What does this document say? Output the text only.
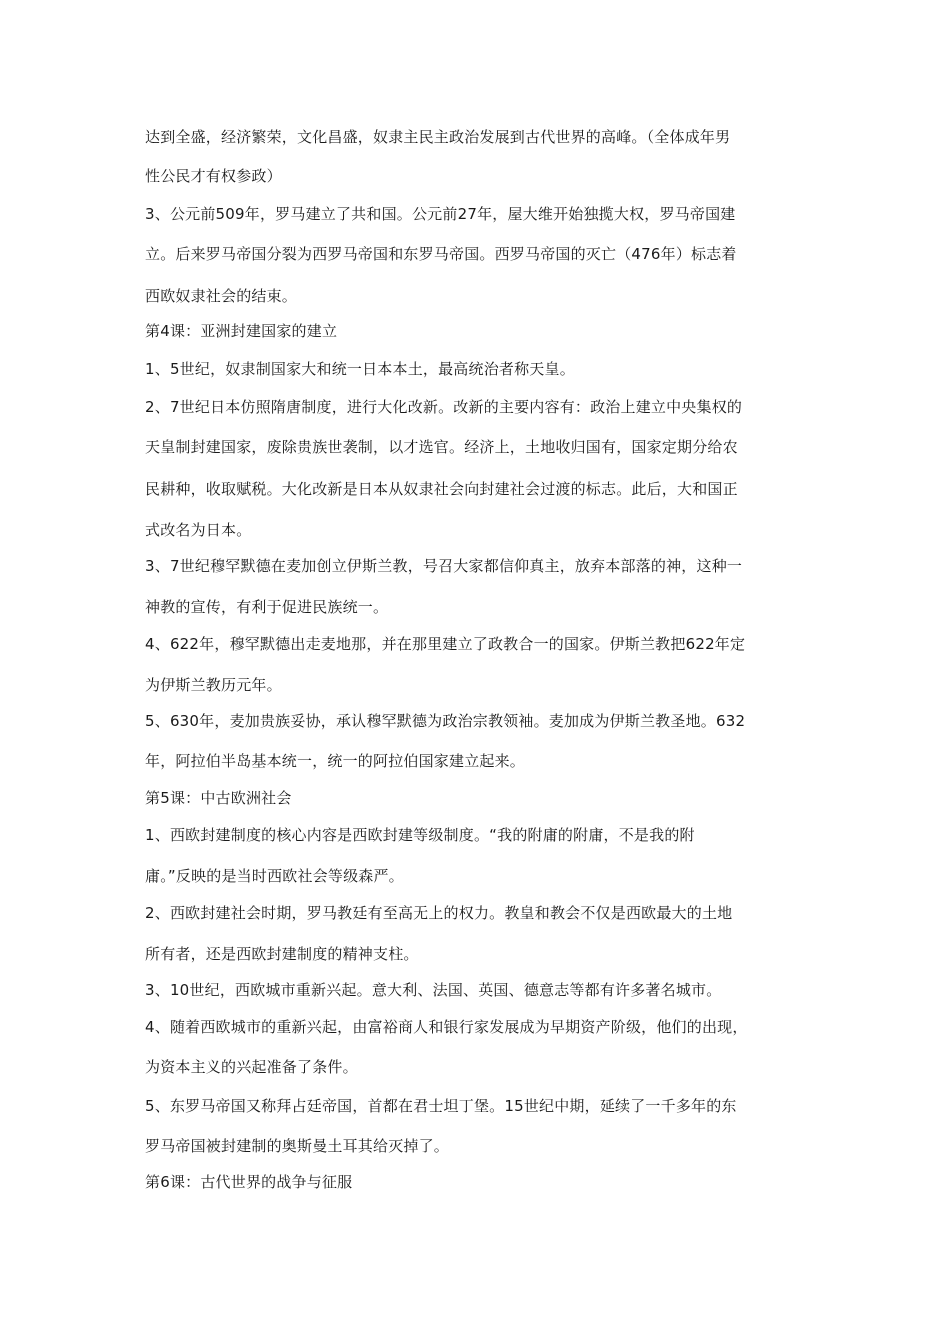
达到全盛，经济繁荣，文化昌盛，奴隶主民主政治发展到古代世界的高峰。（全体成年男
性公民才有权参政）
3、公元前509年，罗马建立了共和国。公元前27年，屋大维开始独揽大权，罗马帝国建
立。后来罗马帝国分裂为西罗马帝国和东罗马帝国。西罗马帝国的灭亡（476年）标志着
西欧奴隶社会的结束。
第4课：亚洲封建国家的建立
1、5世纪，奴隶制国家大和统一日本本土，最高统治者称天皇。
2、7世纪日本仿照隋唐制度，进行大化改新。改新的主要内容有：政治上建立中央集权的
天皇制封建国家，废除贵族世袭制，以才选官。经济上，土地收归国有，国家定期分给农
民耕种，收取赋税。大化改新是日本从奴隶社会向封建社会过渡的标志。此后，大和国正
式改名为日本。
3、7世纪穆罕默德在麦加创立伊斯兰教，号召大家都信仰真主，放弃本部落的神，这种一
神教的宣传，有利于促进民族统一。
4、622年，穆罕默德出走麦地那，并在那里建立了政教合一的国家。伊斯兰教把622年定
为伊斯兰教历元年。
5、630年，麦加贵族妥协，承认穆罕默德为政治宗教领袖。麦加成为伊斯兰教圣地。632
年，阿拉伯半岛基本统一，统一的阿拉伯国家建立起来。
第5课：中古欧洲社会
1、西欧封建制度的核心内容是西欧封建等级制度。“我的附庸的附庸，不是我的附
庸。”反映的是当时西欧社会等级森严。
2、西欧封建社会时期，罗马教廷有至高无上的权力。教皇和教会不仅是西欧最大的土地
所有者，还是西欧封建制度的精神支柱。
3、10世纪，西欧城市重新兴起。意大利、法国、英国、德意志等都有许多著名城市。
4、随着西欧城市的重新兴起，由富裕商人和银行家发展成为早期资产阶级，他们的出现，
为资本主义的兴起准备了条件。
5、东罗马帝国又称拜占廷帝国，首都在君士坦丁堡。15世纪中期，延续了一千多年的东
罗马帝国被封建制的奥斯曼土耳其给灭掉了。
第6课：古代世界的战争与征服
